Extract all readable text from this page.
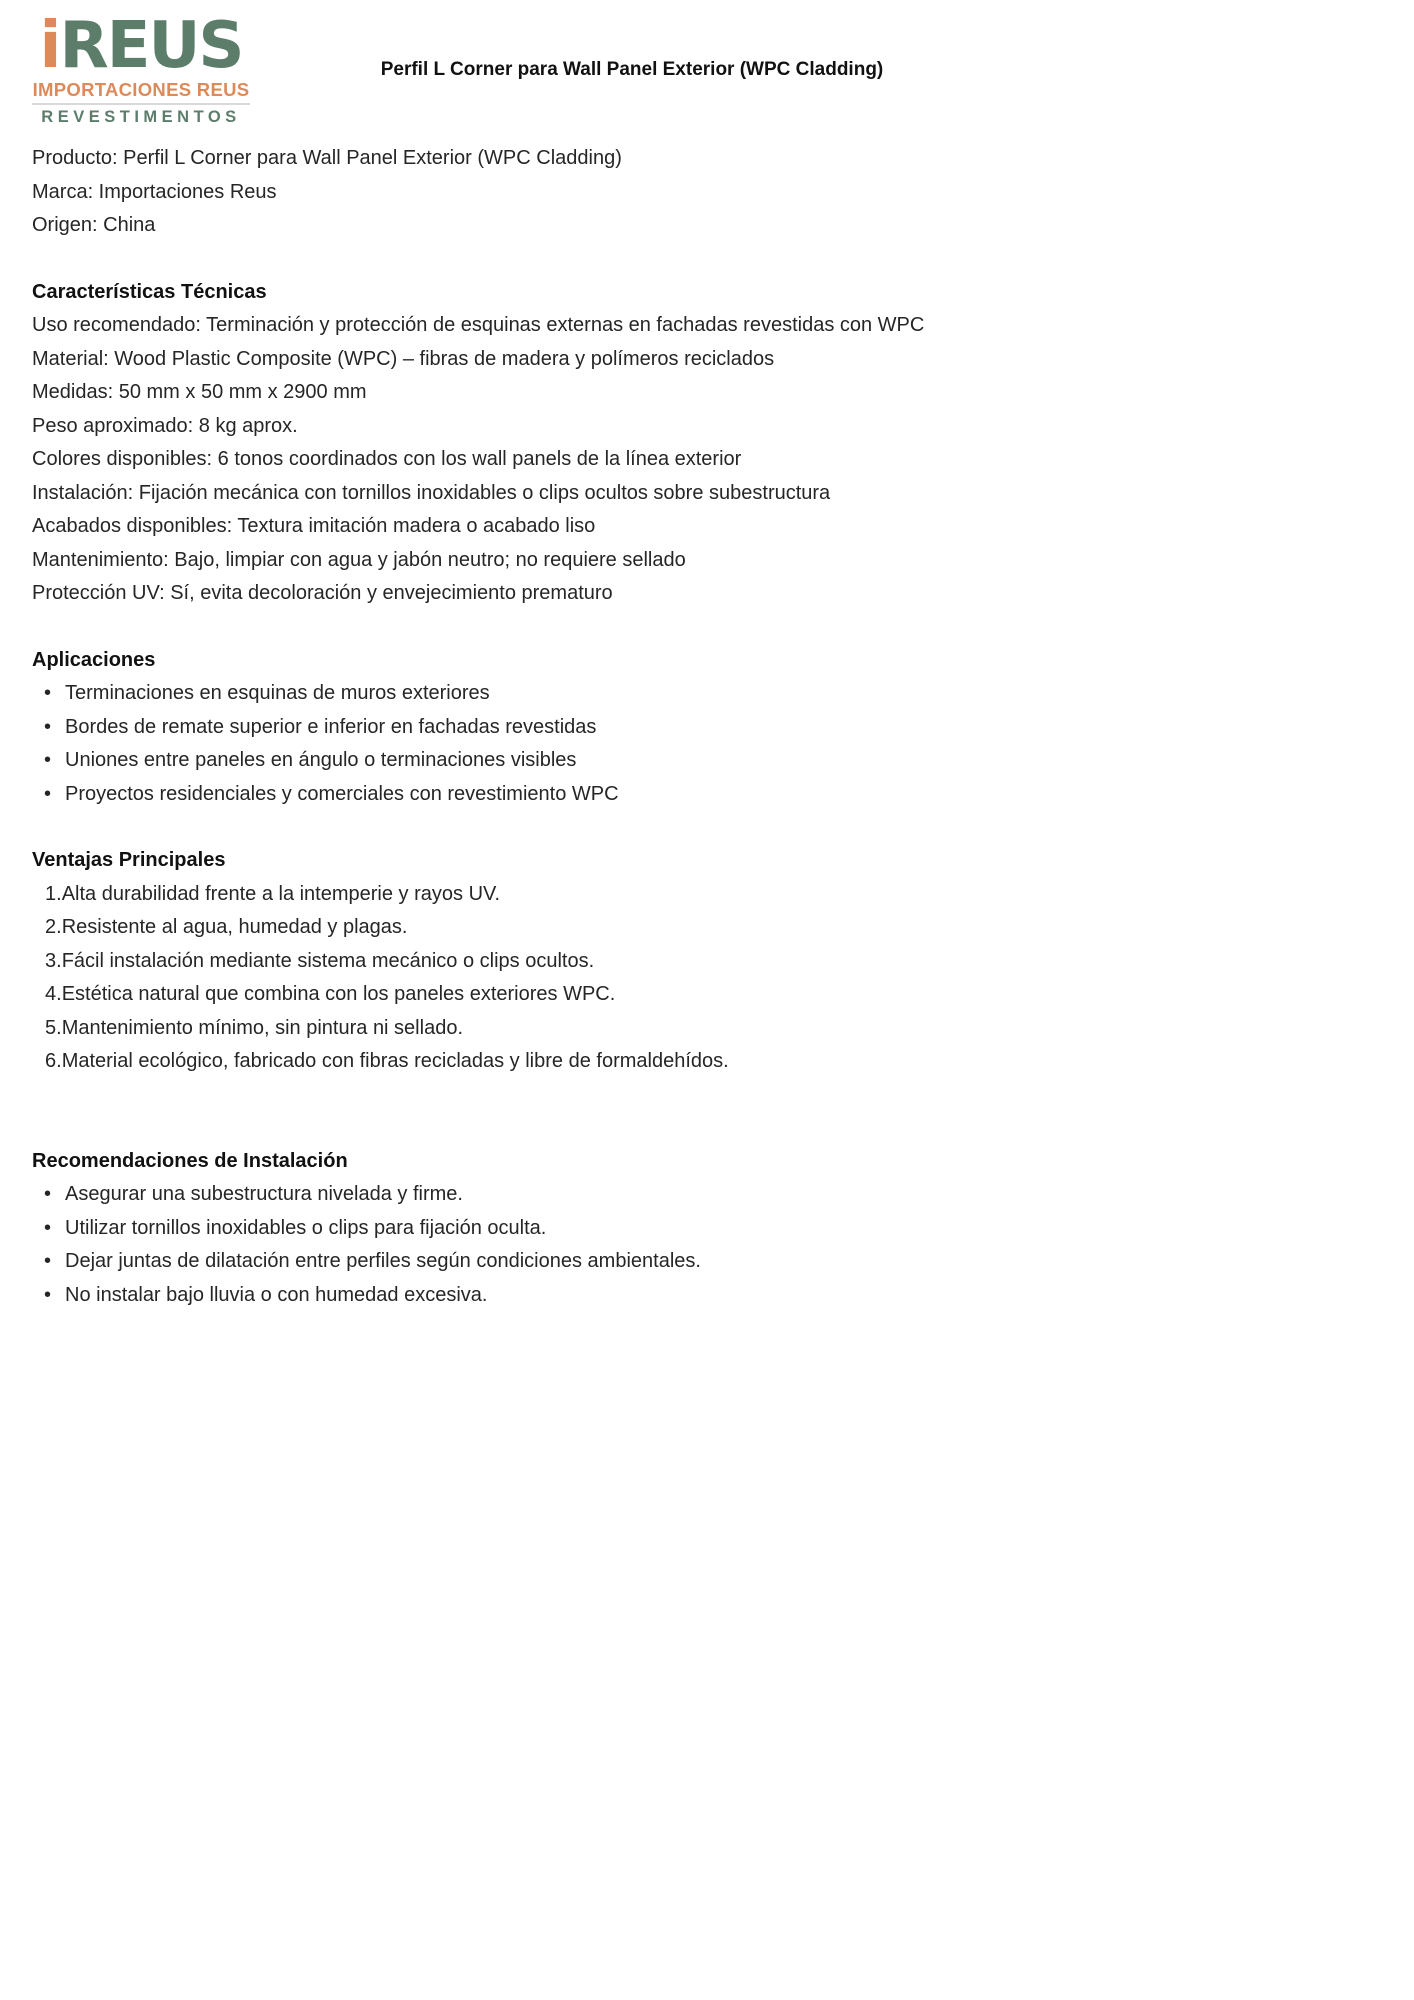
iREUS
IMPORTACIONES REUS
REVESTIMENTOS
Perfil L Corner para Wall Panel Exterior (WPC Cladding)
Producto: Perfil L Corner para Wall Panel Exterior (WPC Cladding)
Marca: Importaciones Reus
Origen: China
Características Técnicas
Uso recomendado: Terminación y protección de esquinas externas en fachadas revestidas con WPC
Material: Wood Plastic Composite (WPC) – fibras de madera y polímeros reciclados
Medidas: 50 mm x 50 mm x 2900 mm
Peso aproximado: 8 kg aprox.
Colores disponibles: 6 tonos coordinados con los wall panels de la línea exterior
Instalación: Fijación mecánica con tornillos inoxidables o clips ocultos sobre subestructura
Acabados disponibles: Textura imitación madera o acabado liso
Mantenimiento: Bajo, limpiar con agua y jabón neutro; no requiere sellado
Protección UV: Sí, evita decoloración y envejecimiento prematuro
Aplicaciones
• Terminaciones en esquinas de muros exteriores
• Bordes de remate superior e inferior en fachadas revestidas
• Uniones entre paneles en ángulo o terminaciones visibles
• Proyectos residenciales y comerciales con revestimiento WPC
Ventajas Principales
Alta durabilidad frente a la intemperie y rayos UV.
Resistente al agua, humedad y plagas.
Fácil instalación mediante sistema mecánico o clips ocultos.
Estética natural que combina con los paneles exteriores WPC.
Mantenimiento mínimo, sin pintura ni sellado.
Material ecológico, fabricado con fibras recicladas y libre de formaldehídos.
Recomendaciones de Instalación
• Asegurar una subestructura nivelada y firme.
• Utilizar tornillos inoxidables o clips para fijación oculta.
• Dejar juntas de dilatación entre perfiles según condiciones ambientales.
• No instalar bajo lluvia o con humedad excesiva.
